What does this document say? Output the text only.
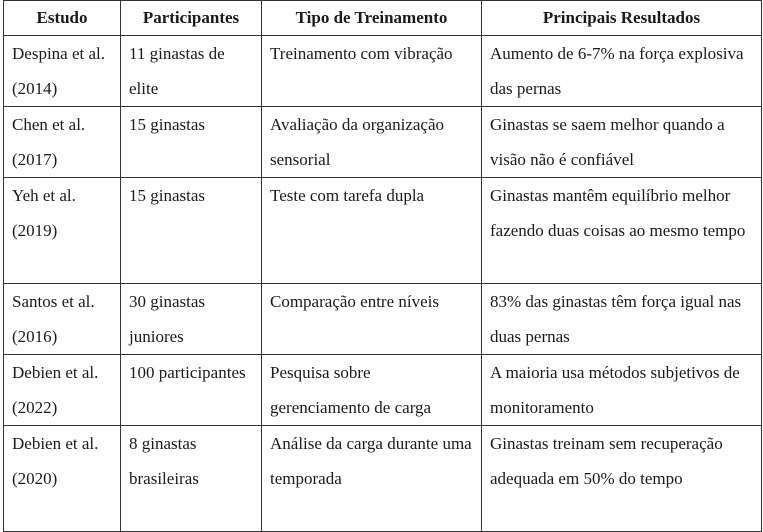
Estudo	Participantes	Tipo de Treinamento	Principais Resultados
Despina et al. (2014)	11 ginastas de elite	Treinamento com vibração	Aumento de 6-7% na força explosiva das pernas
Chen et al. (2017)	15 ginastas	Avaliação da organização sensorial	Ginastas se saem melhor quando a visão não é confiável
Yeh et al. (2019)	15 ginastas	Teste com tarefa dupla	Ginastas mantêm equilíbrio melhor fazendo duas coisas ao mesmo tempo
Santos et al. (2016)	30 ginastas juniores	Comparação entre níveis	83% das ginastas têm força igual nas duas pernas
Debien et al. (2022)	100 participantes	Pesquisa sobre gerenciamento de carga	A maioria usa métodos subjetivos de monitoramento
Debien et al. (2020)	8 ginastas brasileiras	Análise da carga durante uma temporada	Ginastas treinam sem recuperação adequada em 50% do tempo
